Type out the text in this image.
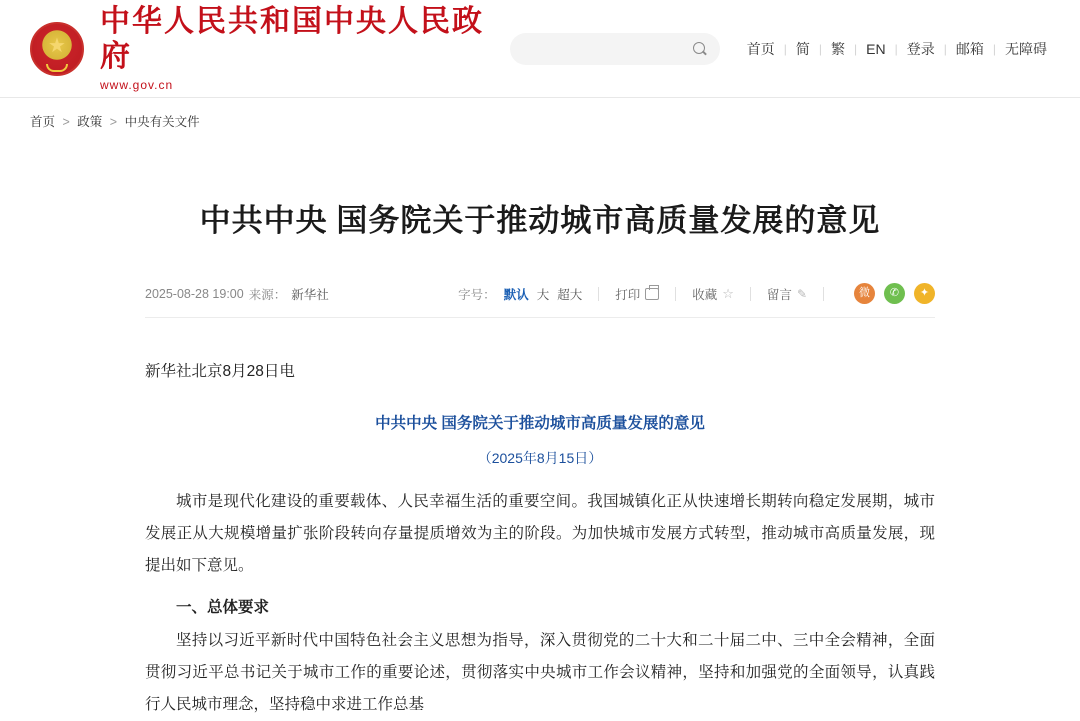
★
中华人民共和国中央人民政府
www.gov.cn
首页 | 简 | 繁 | EN | 登录 | 邮箱 | 无障碍
首页 > 政策 > 中央有关文件
中共中央 国务院关于推动城市高质量发展的意见
2025-08-28 19:00 来源： 新华社	字号： 默认 大 超大	打印	收藏 ☆	留言 ✎	微	✆	✦

新华社北京8月28日电

中共中央 国务院关于推动城市高质量发展的意见

（2025年8月15日）

城市是现代化建设的重要载体、人民幸福生活的重要空间。我国城镇化正从快速增长期转向稳定发展期，城市发展正从大规模增量扩张阶段转向存量提质增效为主的阶段。为加快城市发展方式转型，推动城市高质量发展，现提出如下意见。

一、总体要求

坚持以习近平新时代中国特色社会主义思想为指导，深入贯彻党的二十大和二十届二中、三中全会精神，全面贯彻习近平总书记关于城市工作的重要论述，贯彻落实中央城市工作会议精神，坚持和加强党的全面领导，认真践行人民城市理念，坚持稳中求进工作总基
